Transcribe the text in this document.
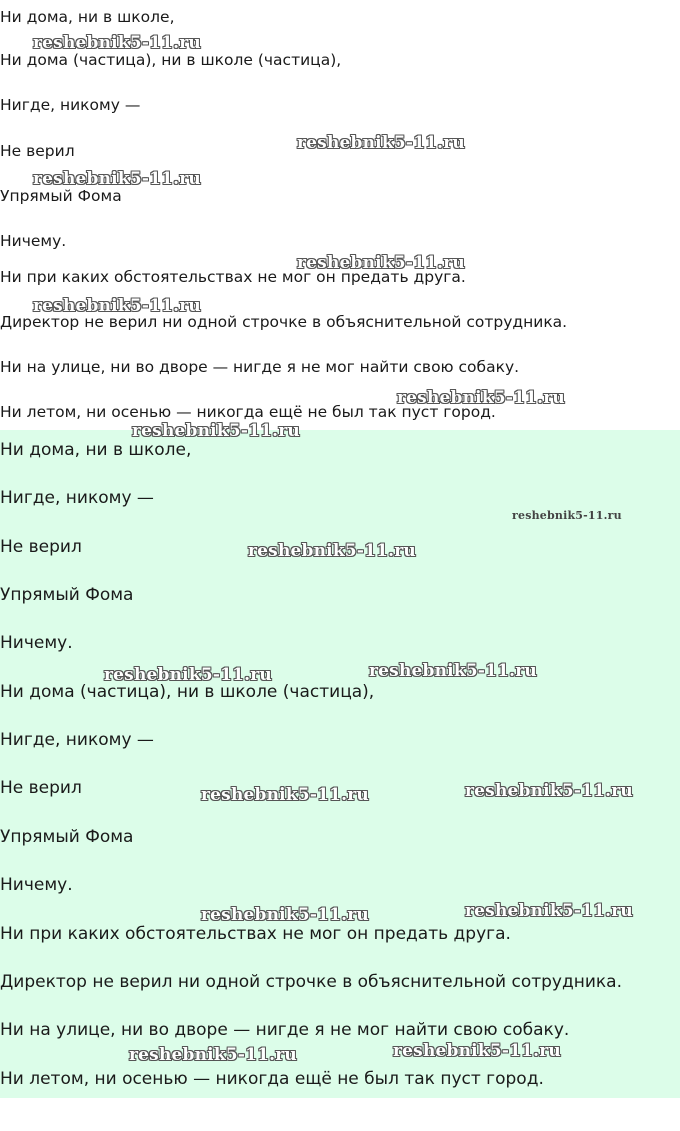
Ни дома, ни в школе,

Ни дома (частица), ни в школе (частица),

Нигде, никому —

Не верил

Упрямый Фома

Ничему.

Ни при каких обстоятельствах не мог он предать друга.

Директор не верил ни одной строчке в объяснительной сотрудника.

Ни на улице, ни во дворе — нигде я не мог найти свою собаку.

Ни летом, ни осенью — никогда ещё не был так пуст город.

Ни дома, ни в школе,

Нигде, никому —

Не верил

Упрямый Фома

Ничему.

Ни дома (частица), ни в школе (частица),

Нигде, никому —

Не верил

Упрямый Фома

Ничему.

Ни при каких обстоятельствах не мог он предать друга.

Директор не верил ни одной строчке в объяснительной сотрудника.

Ни на улице, ни во дворе — нигде я не мог найти свою собаку.

Ни летом, ни осенью — никогда ещё не был так пуст город.

reshebnik5-11.ru
reshebnik5-11.ru
reshebnik5-11.ru
reshebnik5-11.ru
reshebnik5-11.ru
reshebnik5-11.ru
reshebnik5-11.ru
reshebnik5-11.ru
reshebnik5-11.ru
reshebnik5-11.ru	reshebnik5-11.ru
reshebnik5-11.ru	reshebnik5-11.ru
reshebnik5-11.ru	reshebnik5-11.ru
reshebnik5-11.ru	reshebnik5-11.ru
